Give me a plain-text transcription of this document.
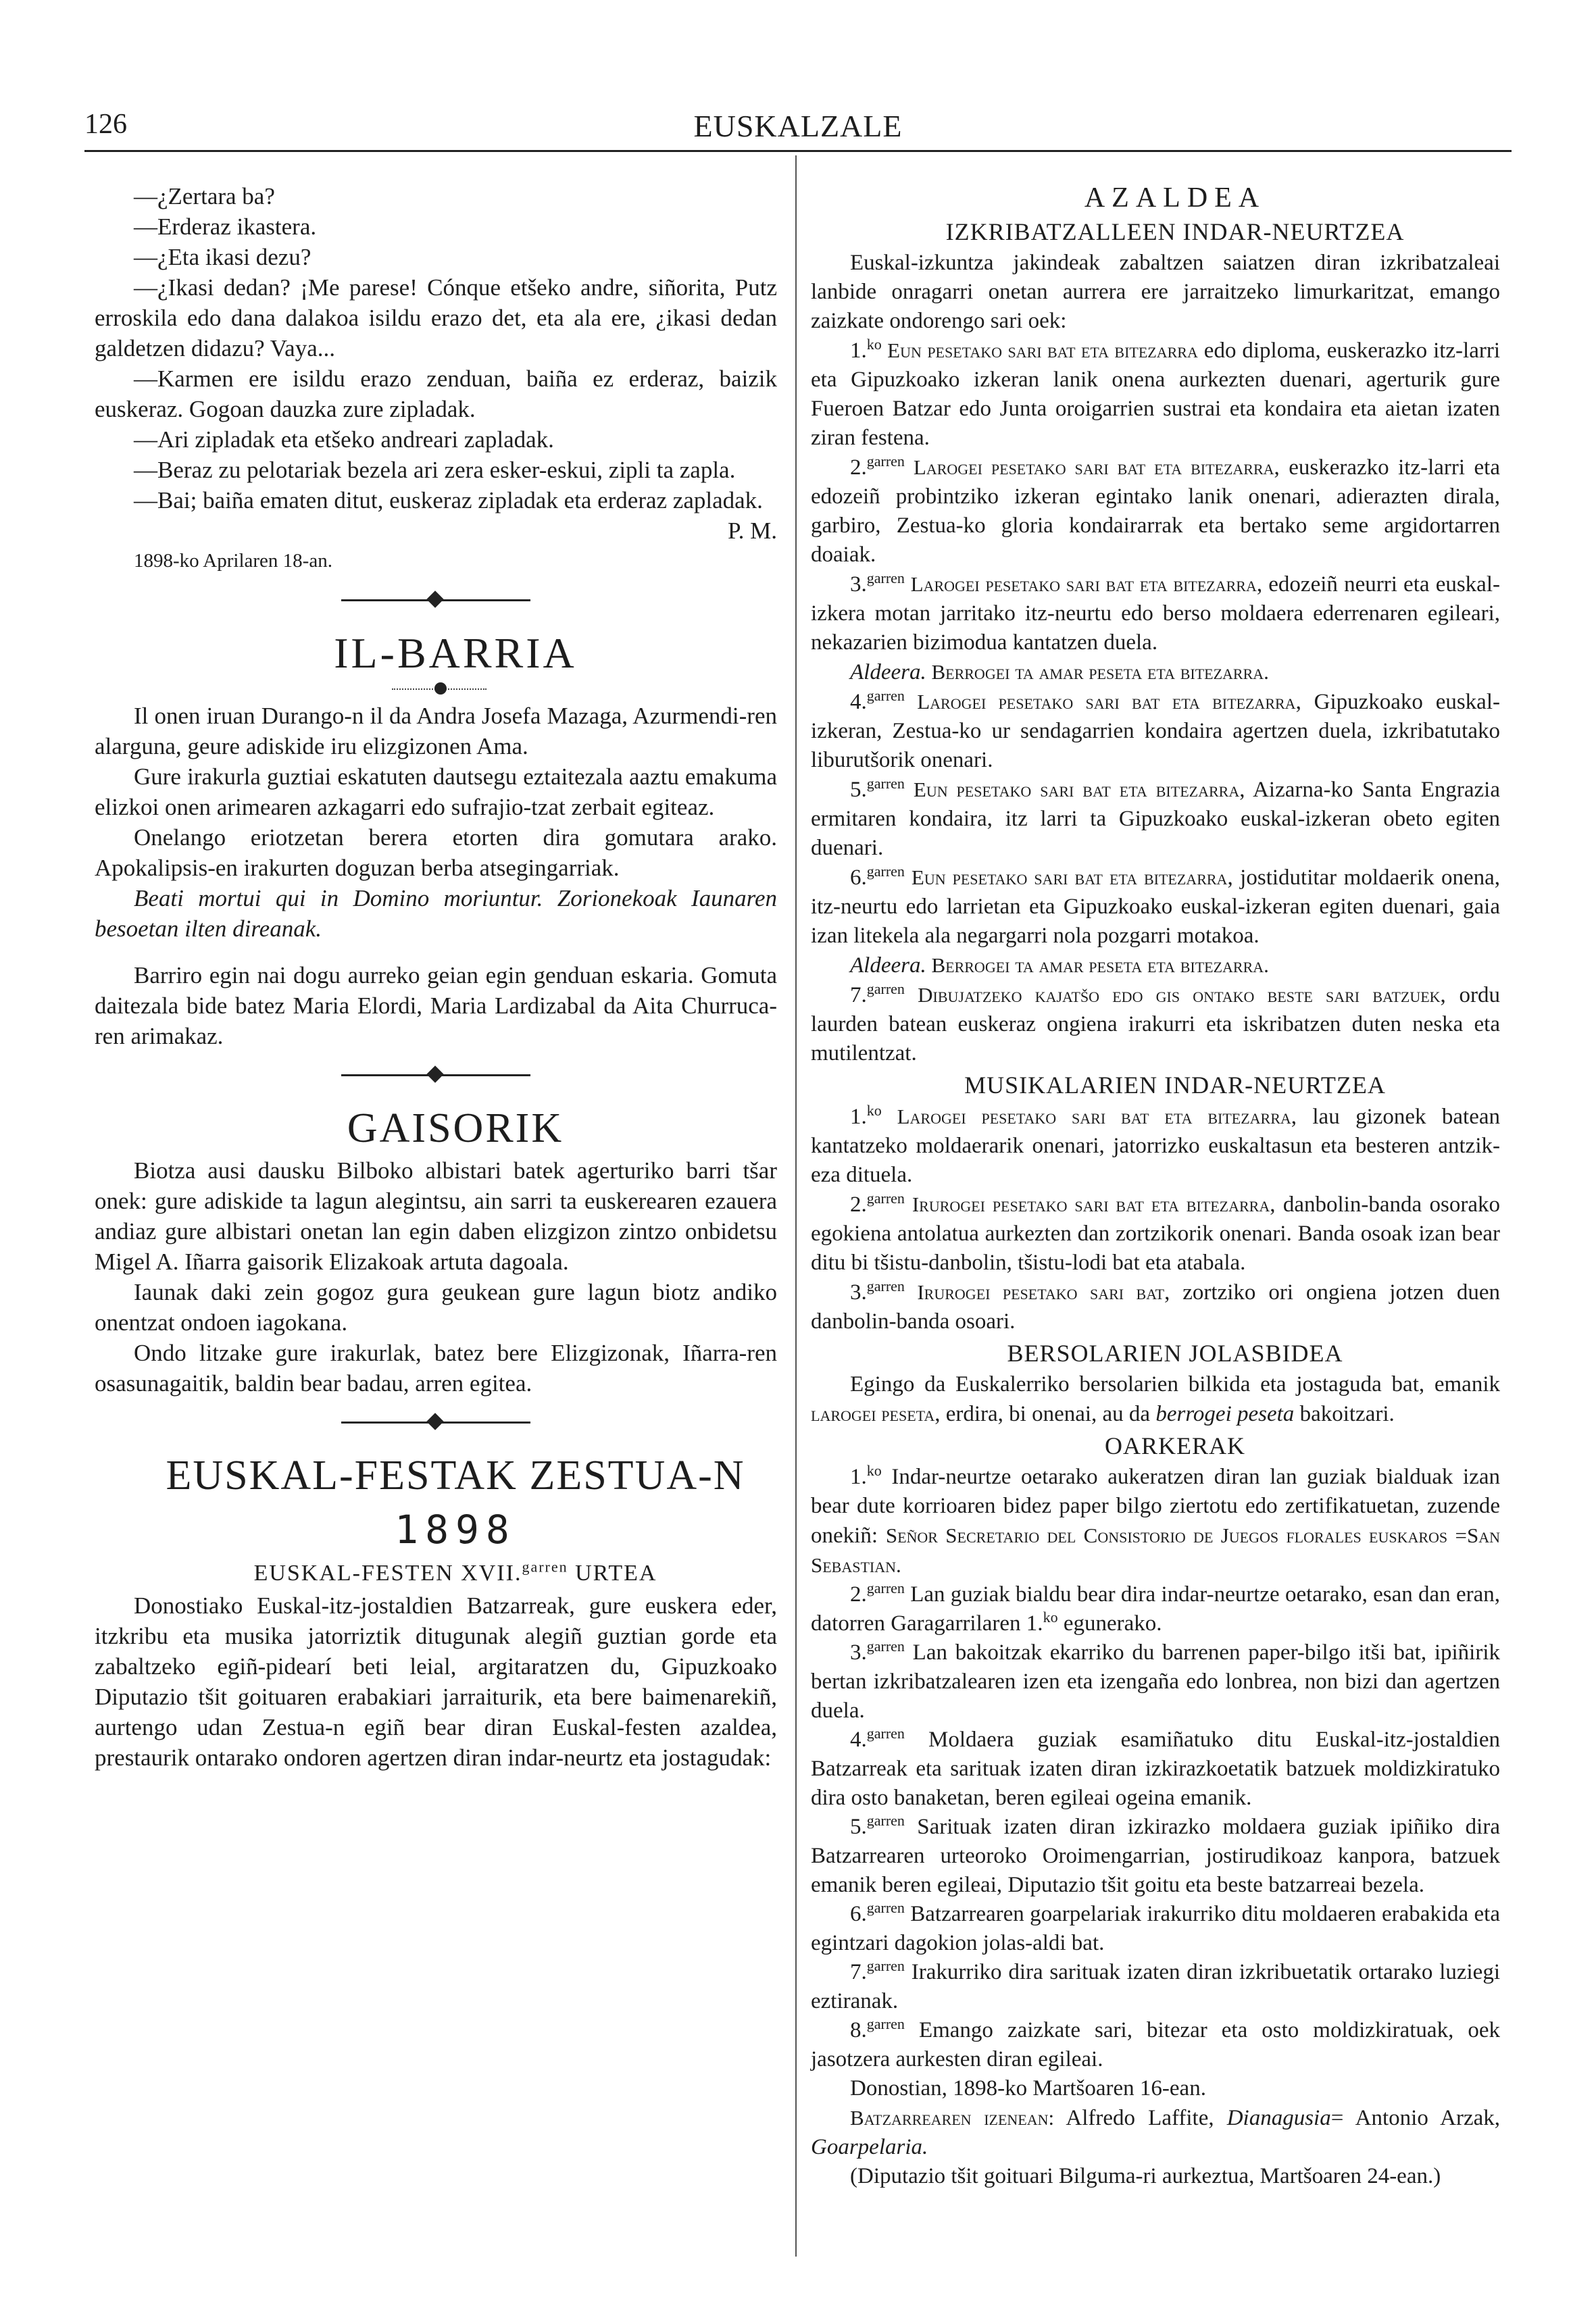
126	EUSKALZALE

—¿Zertara ba?

—Erderaz ikastera.

—¿Eta ikasi dezu?

—¿Ikasi dedan? ¡Me parese! Cónque etšeko andre, siñorita, Putz erroskila edo dana dalakoa isildu erazo det, eta ala ere, ¿ikasi dedan galdetzen didazu? Vaya...

—Karmen ere isildu erazo zenduan, baiña ez erderaz, baizik euskeraz. Gogoan dauzka zure zipladak.

—Ari zipladak eta etšeko andreari zapladak.

—Beraz zu pelotariak bezela ari zera esker-eskui, zipli ta zapla.

—Bai; baiña ematen ditut, euskeraz zipladak eta erderaz zapladak.

P. M.

1898-ko Aprilaren 18-an.

IL-BARRIA

Il onen iruan Durango-n il da Andra Josefa Mazaga, Azurmendi-ren alarguna, geure adiskide iru elizgizonen Ama.

Gure irakurla guztiai eskatuten dautsegu eztaitezala aaztu emakuma elizkoi onen arimearen azkagarri edo sufrajio-tzat zerbait egiteaz.

Onelango eriotzetan berera etorten dira gomutara arako. Apokalipsis-en irakurten doguzan berba atsegingarriak.

Beati mortui qui in Domino moriuntur. Zorionekoak Iaunaren besoetan ilten direanak.

Barriro egin nai dogu aurreko geian egin genduan eskaria. Gomuta daitezala bide batez Maria Elordi, Maria Lardizabal da Aita Churruca-ren arimakaz.

GAISORIK

Biotza ausi dausku Bilboko albistari batek agerturiko barri tšar onek: gure adiskide ta lagun alegintsu, ain sarri ta euskerearen ezauera andiaz gure albistari onetan lan egin daben elizgizon zintzo onbidetsu Migel A. Iñarra gaisorik Elizakoak artuta dagoala.

Iaunak daki zein gogoz gura geukean gure lagun biotz andiko onentzat ondoen iagokana.

Ondo litzake gure irakurlak, batez bere Elizgizonak, Iñarra-ren osasunagaitik, baldin bear badau, arren egitea.

EUSKAL-FESTAK ZESTUA-N

1898

EUSKAL-FESTEN XVII.$^{garren}$ URTEA

Donostiako Euskal-itz-jostaldien Batzarreak, gure euskera eder, itzkribu eta musika jatorriztik ditugunak alegiñ guztian gorde eta zabaltzeko egiñ-pidearí beti leial, argitaratzen du, Gipuzkoako Diputazio tšit goituaren erabakiari jarraiturik, eta bere baimenarekiñ, aurtengo udan Zestua-n egiñ bear diran Euskal-festen azaldea, prestaurik ontarako ondoren agertzen diran indar-neurtz eta jostagudak:

AZALDEA

IZKRIBATZALLEEN INDAR-NEURTZEA

Euskal-izkuntza jakindeak zabaltzen saiatzen diran izkribatzaleai lanbide onragarri onetan aurrera ere jarraitzeko limurkaritzat, emango zaizkate ondorengo sari oek:

1.$^{ko}$ Eun pesetako sari bat eta bitezarra edo diploma, euskerazko itz-larri eta Gipuzkoako izkeran lanik onena aurkezten duenari, agerturik gure Fueroen Batzar edo Junta oroigarrien sustrai eta kondaira eta aietan izaten ziran festena.

2.$^{garren}$ Larogei pesetako sari bat eta bitezarra, euskerazko itz-larri eta edozeiñ probintziko izkeran egintako lanik onenari, adierazten dirala, garbiro, Zestua-ko gloria kondairarrak eta bertako seme argidortarren doaiak.

3.$^{garren}$ Larogei pesetako sari bat eta bitezarra, edozeiñ neurri eta euskal-izkera motan jarritako itz-neurtu edo berso moldaera ederrenaren egileari, nekazarien bizimodua kantatzen duela.

Aldeera. Berrogei ta amar peseta eta bitezarra.

4.$^{garren}$ Larogei pesetako sari bat eta bitezarra, Gipuzkoako euskal-izkeran, Zestua-ko ur sendagarrien kondaira agertzen duela, izkribatutako liburutšorik onenari.

5.$^{garren}$ Eun pesetako sari bat eta bitezarra, Aizarna-ko Santa Engrazia ermitaren kondaira, itz larri ta Gipuzkoako euskal-izkeran obeto egiten duenari.

6.$^{garren}$ Eun pesetako sari bat eta bitezarra, jostidutitar moldaerik onena, itz-neurtu edo larrietan eta Gipuzkoako euskal-izkeran egiten duenari, gaia izan litekela ala negargarri nola pozgarri motakoa.

Aldeera. Berrogei ta amar peseta eta bitezarra.

7.$^{garren}$ Dibujatzeko kajatšo edo gis ontako beste sari batzuek, ordu laurden batean euskeraz ongiena irakurri eta iskribatzen duten neska eta mutilentzat.

MUSIKALARIEN INDAR-NEURTZEA

1.$^{ko}$ Larogei pesetako sari bat eta bitezarra, lau gizonek batean kantatzeko moldaerarik onenari, jatorrizko euskaltasun eta besteren antzik-eza dituela.

2.$^{garren}$ Irurogei pesetako sari bat eta bitezarra, danbolin-banda osorako egokiena antolatua aurkezten dan zortzikorik onenari. Banda osoak izan bear ditu bi tšistu-danbolin, tšistu-lodi bat eta atabala.

3.$^{garren}$ Irurogei pesetako sari bat, zortziko ori ongiena jotzen duen danbolin-banda osoari.

BERSOLARIEN JOLASBIDEA

Egingo da Euskalerriko bersolarien bilkida eta jostaguda bat, emanik larogei peseta, erdira, bi onenai, au da berrogei peseta bakoitzari.

OARKERAK

1.$^{ko}$ Indar-neurtze oetarako aukeratzen diran lan guziak bialduak izan bear dute korrioaren bidez paper bilgo ziertotu edo zertifikatuetan, zuzende onekiñ: Señor Secretario del Consistorio de Juegos florales euskaros =San Sebastian.

2.$^{garren}$ Lan guziak bialdu bear dira indar-neurtze oetarako, esan dan eran, datorren Garagarrilaren 1.$^{ko}$ egunerako.

3.$^{garren}$ Lan bakoitzak ekarriko du barrenen paper-bilgo itši bat, ipiñirik bertan izkribatzalearen izen eta izengaña edo lonbrea, non bizi dan agertzen duela.

4.$^{garren}$ Moldaera guziak esamiñatuko ditu Euskal-itz-jostaldien Batzarreak eta sarituak izaten diran izkirazkoetatik batzuek moldizkiratuko dira osto banaketan, beren egileai ogeina emanik.

5.$^{garren}$ Sarituak izaten diran izkirazko moldaera guziak ipiñiko dira Batzarrearen urteoroko Oroimengarrian, jostirudikoaz kanpora, batzuek emanik beren egileai, Diputazio tšit goitu eta beste batzarreai bezela.

6.$^{garren}$ Batzarrearen goarpelariak irakurriko ditu moldaeren erabakida eta egintzari dagokion jolas-aldi bat.

7.$^{garren}$ Irakurriko dira sarituak izaten diran izkribuetatik ortarako luziegi eztiranak.

8.$^{garren}$ Emango zaizkate sari, bitezar eta osto moldizkiratuak, oek jasotzera aurkesten diran egileai.

Donostian, 1898-ko Martšoaren 16-ean.

Batzarrearen izenean: Alfredo Laffite, Dianagusia= Antonio Arzak, Goarpelaria.

(Diputazio tšit goituari Bilguma-ri aurkeztua, Martšoaren 24-ean.)
